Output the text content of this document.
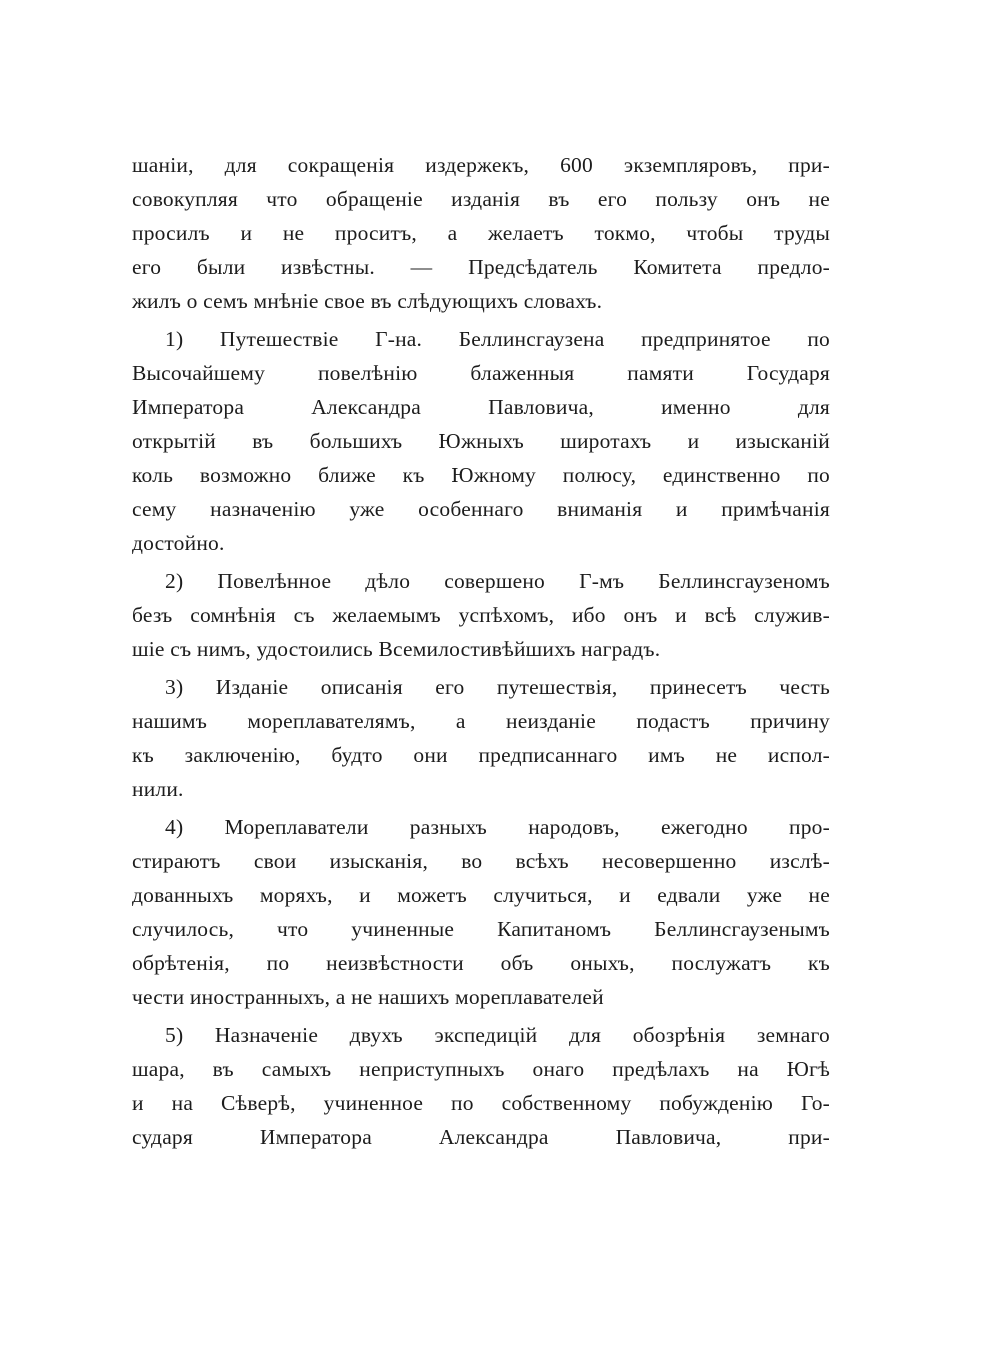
шаніи, для сокращенія издержекъ, 600 экземпляровъ, при-
совокупляя что обращеніе изданія въ его пользу онъ не
просилъ и не проситъ, а желаетъ токмо, чтобы труды
его были извѣстны. — Предсѣдатель Комитета предло-
жилъ о семъ мнѣніе свое въ слѣдующихъ словахъ.
1) Путешествіе Г-на. Беллинсгаузена предпринятое по
Высочайшему повелѣнію блаженныя памяти Государя
Императора Александра Павловича, именно для
открытій въ большихъ Южныхъ широтахъ и изысканій
коль возможно ближе къ Южному полюсу, единственно по
сему назначенію уже особеннаго вниманія и примѣчанія
достойно.
2) Повелѣнное дѣло совершено Г-мъ Беллинсгаузеномъ
безъ сомнѣнія съ желаемымъ успѣхомъ, ибо онъ и всѣ служив-
шіе съ нимъ, удостоились Всемилостивѣйшихъ наградъ.
3) Изданіе описанія его путешествія, принесетъ честь
нашимъ мореплавателямъ, а неизданіе подастъ причину
къ заключенію, будто они предписаннаго имъ не испол-
нили.
4) Мореплаватели разныхъ народовъ, ежегодно про-
стираютъ свои изысканія, во всѣхъ несовершенно изслѣ-
дованныхъ моряхъ, и можетъ случиться, и едвали уже не
случилось, что учиненные Капитаномъ Беллинсгаузенымъ
обрѣтенія, по неизвѣстности объ оныхъ, послужатъ къ
чести иностранныхъ, а не нашихъ мореплавателей
5) Назначеніе двухъ экспедицій для обозрѣнія земнаго
шара, въ самыхъ неприступныхъ онаго предѣлахъ на Югѣ
и на Сѣверѣ, учиненное по собственному побужденію Го-
сударя Императора Александра Павловича, при-
